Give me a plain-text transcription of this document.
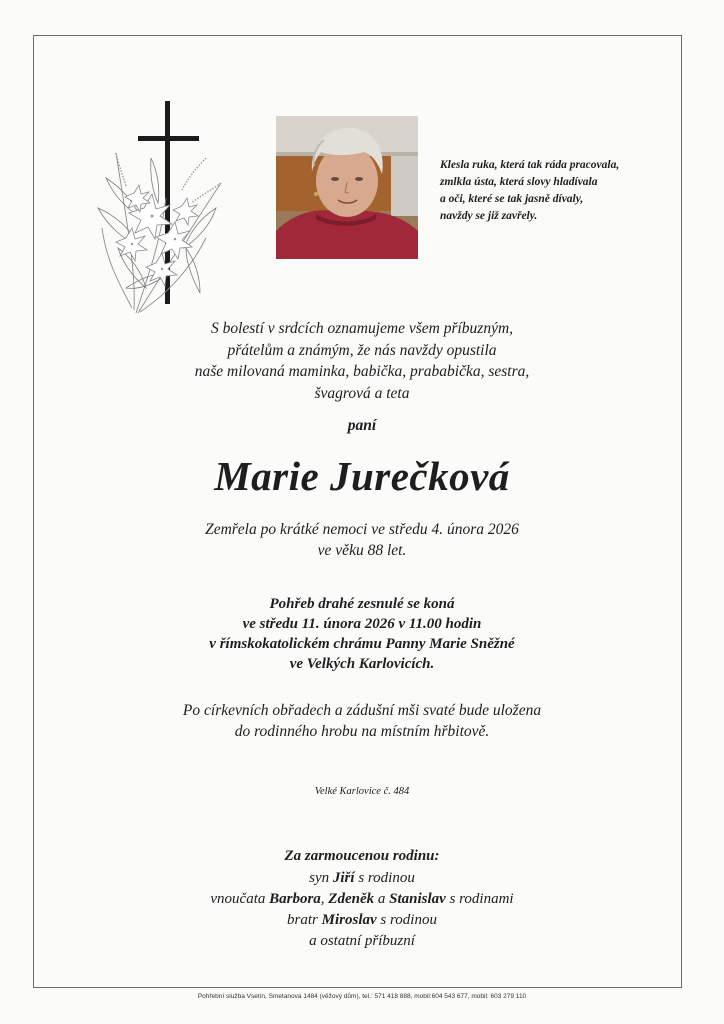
Klesla ruka, která tak ráda pracovala,
zmlkla ústa, která slovy hladívala
a oči, které se tak jasně dívaly,
navždy se již zavřely.
S bolestí v srdcích oznamujeme všem příbuzným,
přátelům a známým, že nás navždy opustila
naše milovaná maminka, babička, prababička, sestra,
švagrová a teta
paní
Marie Jurečková
Zemřela po krátké nemoci ve středu 4. února 2026
ve věku 88 let.
Pohřeb drahé zesnulé se koná
ve středu 11. února 2026 v 11.00 hodin
v římskokatolickém chrámu Panny Marie Sněžné
ve Velkých Karlovicích.
Po církevních obřadech a zádušní mši svaté bude uložena
do rodinného hrobu na místním hřbitově.
Velké Karlovice č. 484
Za zarmoucenou rodinu:
syn Jiří s rodinou
vnoučata Barbora, Zdeněk a Stanislav s rodinami
bratr Miroslav s rodinou
a ostatní příbuzní
Pohřební služba Vsetín, Smetanova 1484 (věžový dům), tel.: 571 418 888, mobil:604 543 677, mobil: 603 279 110
